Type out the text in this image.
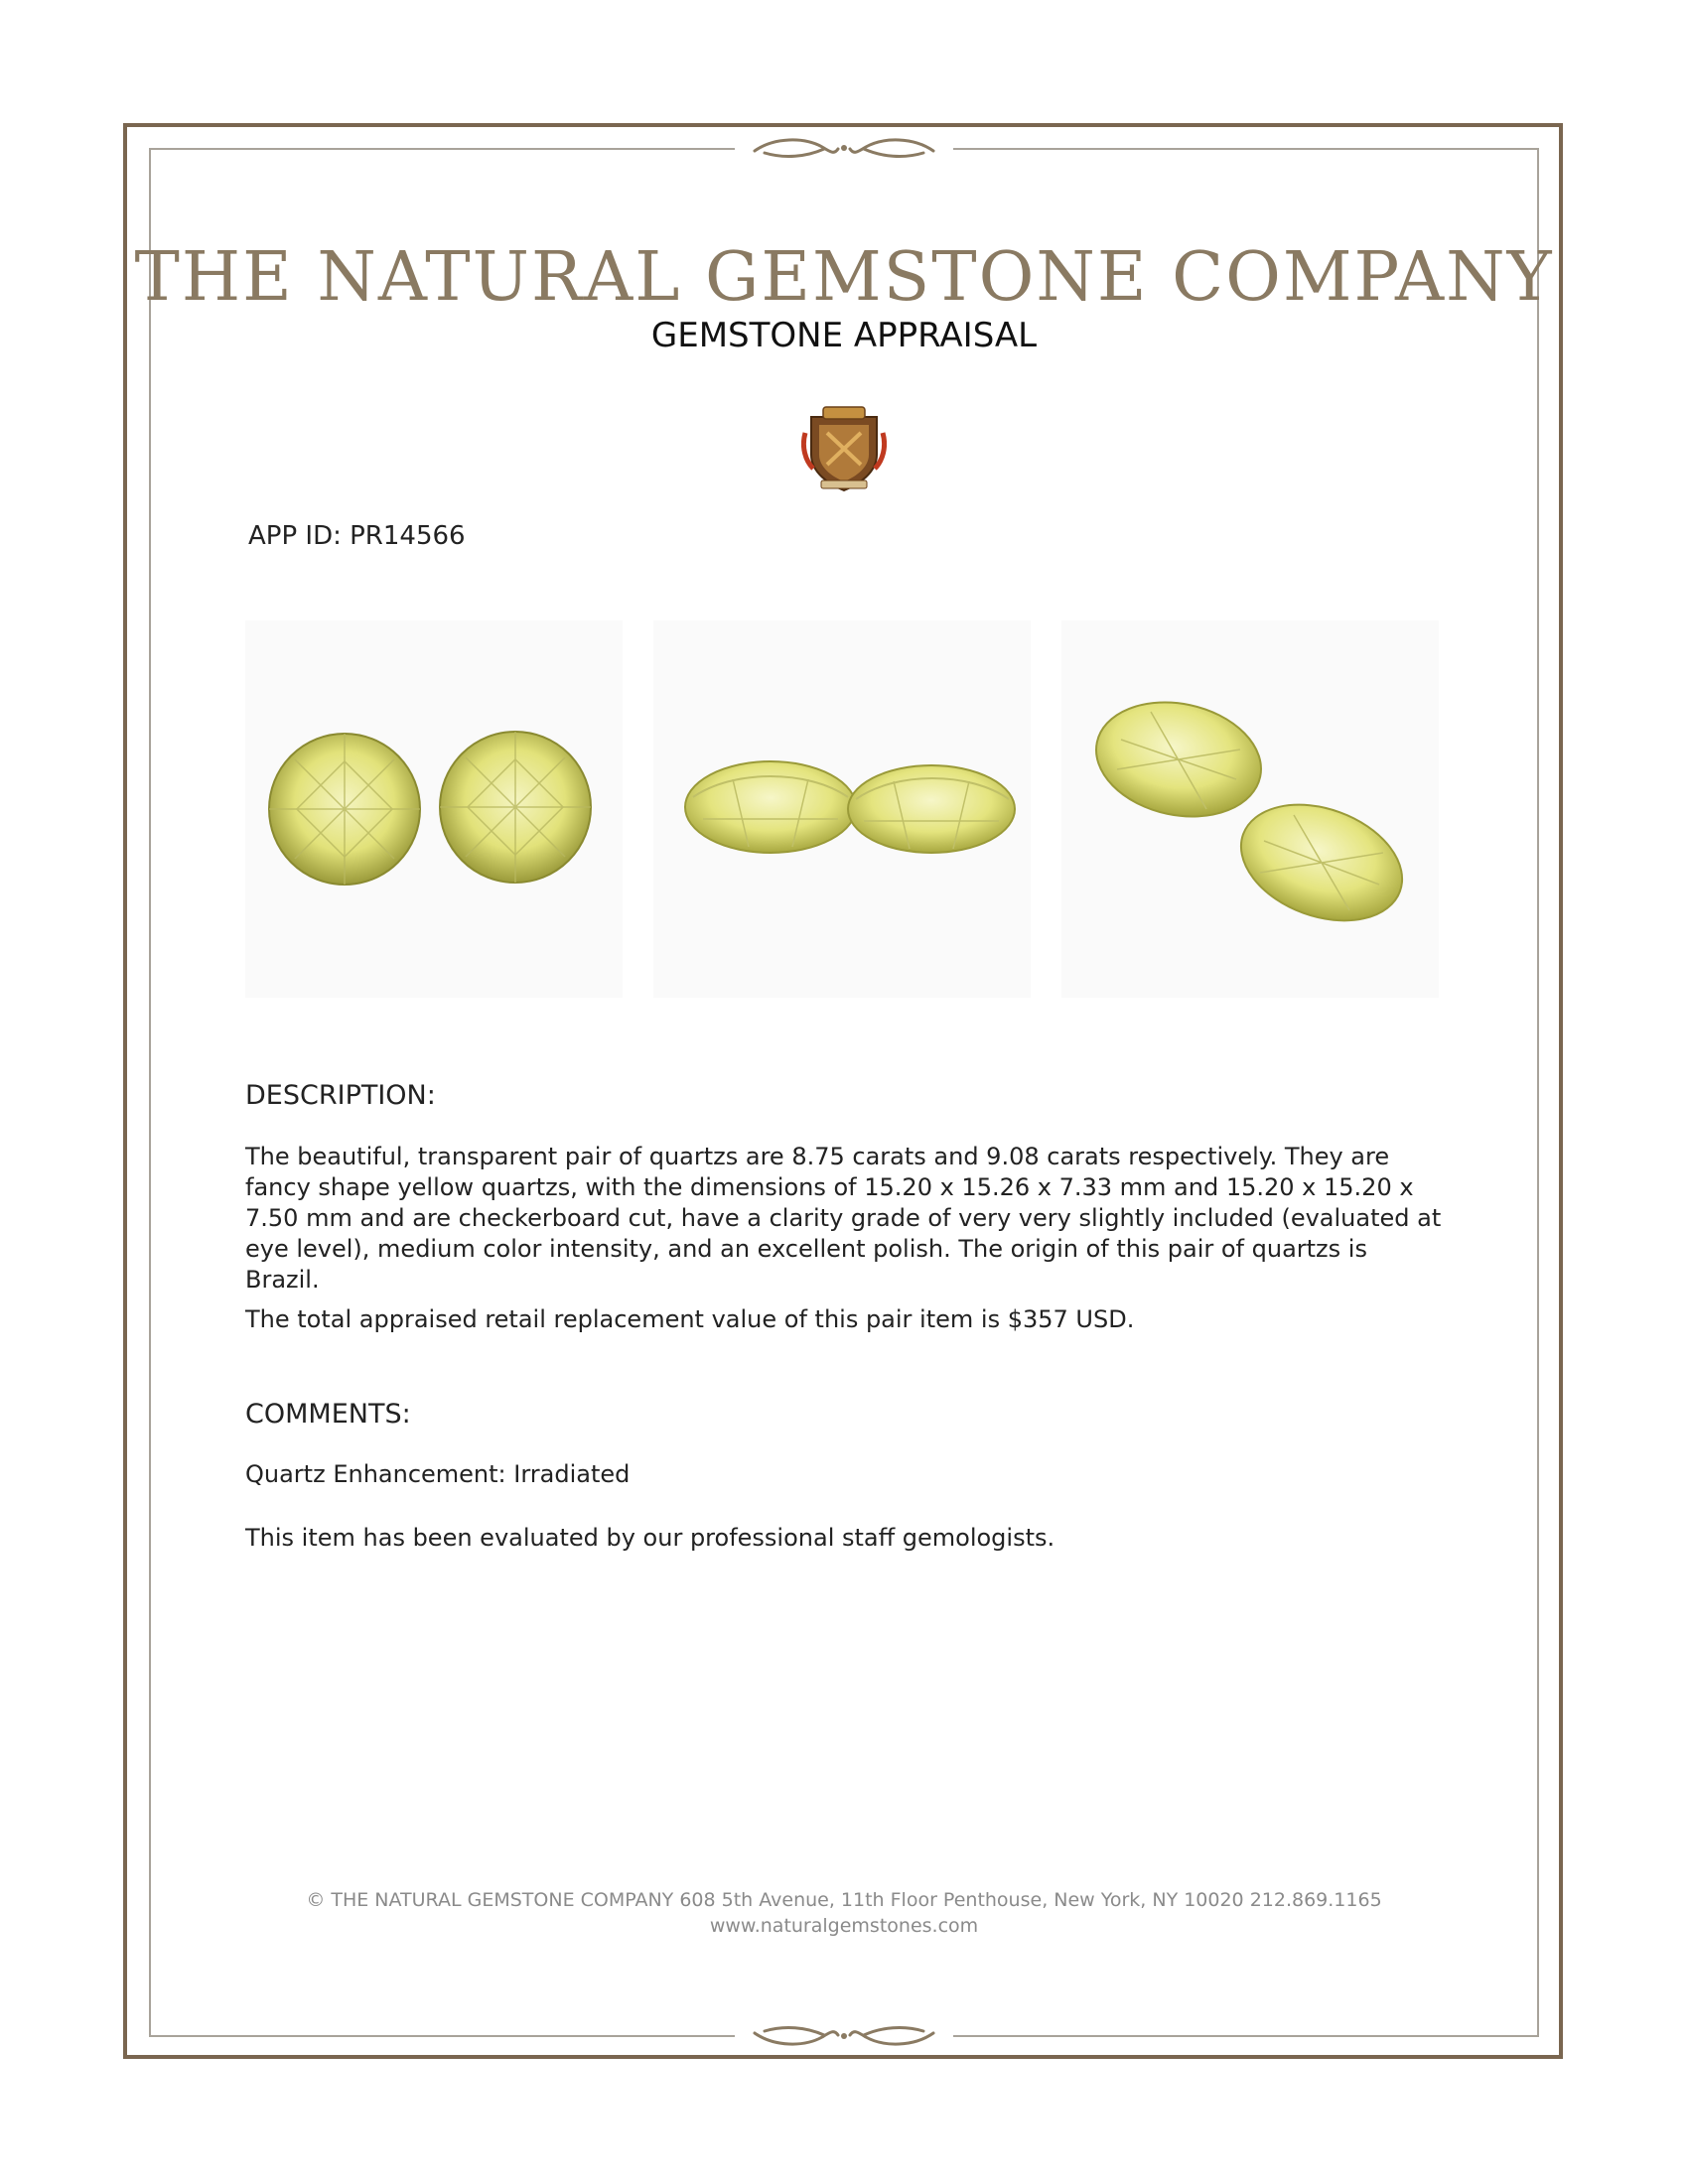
THE NATURAL GEMSTONE COMPANY
GEMSTONE APPRAISAL
APP ID: PR14566
DESCRIPTION:

The beautiful, transparent pair of quartzs are 8.75 carats and 9.08 carats respectively. They are fancy shape yellow quartzs, with the dimensions of 15.20 x 15.26 x 7.33 mm and 15.20 x 15.20 x 7.50 mm and are checkerboard cut, have a clarity grade of very very slightly included (evaluated at eye level), medium color intensity, and an excellent polish. The origin of this pair of quartzs is Brazil.

The total appraised retail replacement value of this pair item is $357 USD.

COMMENTS:

Quartz Enhancement: Irradiated

This item has been evaluated by our professional staff gemologists.

© THE NATURAL GEMSTONE COMPANY 608 5th Avenue, 11th Floor Penthouse, New York, NY 10020 212.869.1165
www.naturalgemstones.com
